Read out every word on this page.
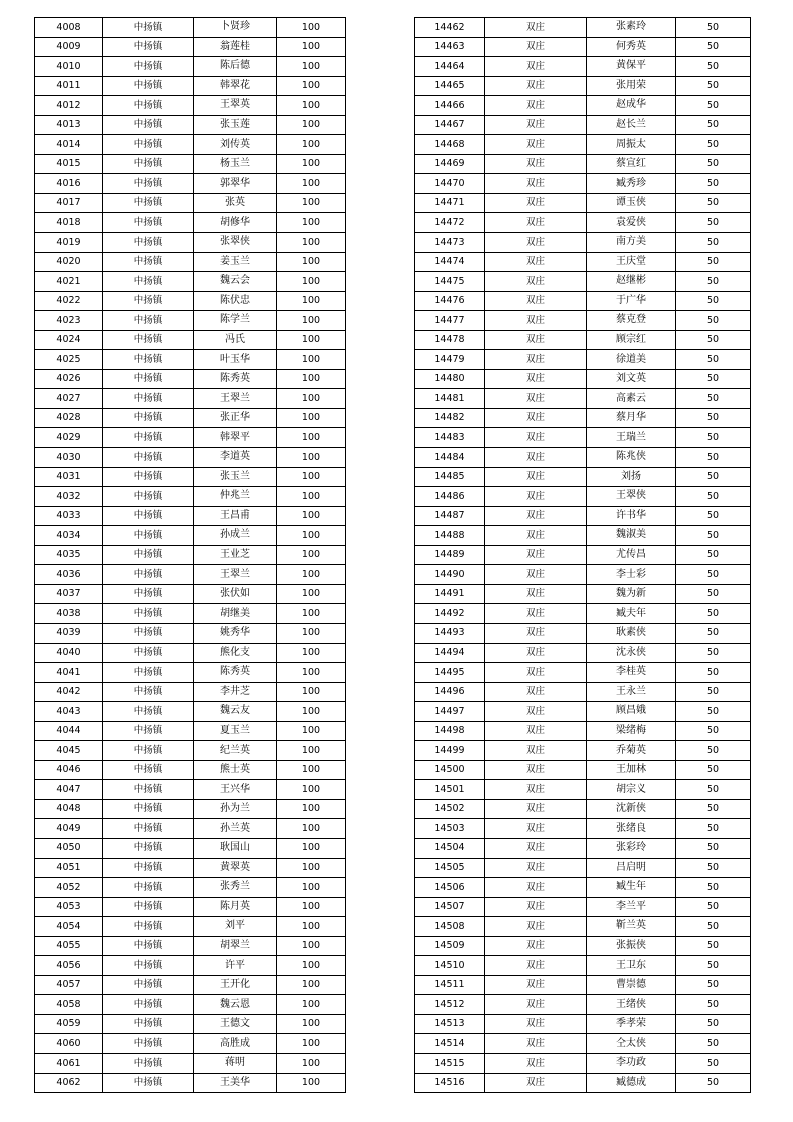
4008	中扬镇	卜贤珍	100
4009	中扬镇	翁莲桂	100
4010	中扬镇	陈后德	100
4011	中扬镇	韩翠花	100
4012	中扬镇	王翠英	100
4013	中扬镇	张玉莲	100
4014	中扬镇	刘传英	100
4015	中扬镇	杨玉兰	100
4016	中扬镇	郭翠华	100
4017	中扬镇	张英	100
4018	中扬镇	胡修华	100
4019	中扬镇	张翠侠	100
4020	中扬镇	姜玉兰	100
4021	中扬镇	魏云会	100
4022	中扬镇	陈伏忠	100
4023	中扬镇	陈学兰	100
4024	中扬镇	冯氏	100
4025	中扬镇	叶玉华	100
4026	中扬镇	陈秀英	100
4027	中扬镇	王翠兰	100
4028	中扬镇	张正华	100
4029	中扬镇	韩翠平	100
4030	中扬镇	李道英	100
4031	中扬镇	张玉兰	100
4032	中扬镇	仲兆兰	100
4033	中扬镇	王昌甫	100
4034	中扬镇	孙成兰	100
4035	中扬镇	王业芝	100
4036	中扬镇	王翠兰	100
4037	中扬镇	张伏如	100
4038	中扬镇	胡继美	100
4039	中扬镇	姚秀华	100
4040	中扬镇	熊化支	100
4041	中扬镇	陈秀英	100
4042	中扬镇	李井芝	100
4043	中扬镇	魏云友	100
4044	中扬镇	夏玉兰	100
4045	中扬镇	纪兰英	100
4046	中扬镇	熊士英	100
4047	中扬镇	王兴华	100
4048	中扬镇	孙为兰	100
4049	中扬镇	孙兰英	100
4050	中扬镇	耿国山	100
4051	中扬镇	黄翠英	100
4052	中扬镇	张秀兰	100
4053	中扬镇	陈月英	100
4054	中扬镇	刘平	100
4055	中扬镇	胡翠兰	100
4056	中扬镇	许平	100
4057	中扬镇	王开化	100
4058	中扬镇	魏云恩	100
4059	中扬镇	王德文	100
4060	中扬镇	高胜成	100
4061	中扬镇	蒋明	100
4062	中扬镇	王美华	100
14462	双庄	张素玲	50
14463	双庄	何秀英	50
14464	双庄	黄保平	50
14465	双庄	张用荣	50
14466	双庄	赵成华	50
14467	双庄	赵长兰	50
14468	双庄	周振太	50
14469	双庄	蔡宣红	50
14470	双庄	臧秀珍	50
14471	双庄	谭玉侠	50
14472	双庄	袁爱侠	50
14473	双庄	南方美	50
14474	双庄	王庆堂	50
14475	双庄	赵继彬	50
14476	双庄	于广华	50
14477	双庄	蔡克登	50
14478	双庄	顾宗红	50
14479	双庄	徐道美	50
14480	双庄	刘文英	50
14481	双庄	高素云	50
14482	双庄	蔡月华	50
14483	双庄	王瑞兰	50
14484	双庄	陈兆侠	50
14485	双庄	刘扬	50
14486	双庄	王翠侠	50
14487	双庄	许书华	50
14488	双庄	魏淑美	50
14489	双庄	尤传昌	50
14490	双庄	李士彩	50
14491	双庄	魏为新	50
14492	双庄	臧夫年	50
14493	双庄	耿素侠	50
14494	双庄	沈永侠	50
14495	双庄	李桂英	50
14496	双庄	王永兰	50
14497	双庄	顾昌娥	50
14498	双庄	梁绪梅	50
14499	双庄	乔菊英	50
14500	双庄	王加林	50
14501	双庄	胡宗义	50
14502	双庄	沈新侠	50
14503	双庄	张绪良	50
14504	双庄	张彩玲	50
14505	双庄	吕启明	50
14506	双庄	臧生年	50
14507	双庄	李兰平	50
14508	双庄	靳兰英	50
14509	双庄	张振侠	50
14510	双庄	王卫东	50
14511	双庄	曹崇德	50
14512	双庄	王绪侠	50
14513	双庄	季孝荣	50
14514	双庄	仝太侠	50
14515	双庄	李功政	50
14516	双庄	臧德成	50
